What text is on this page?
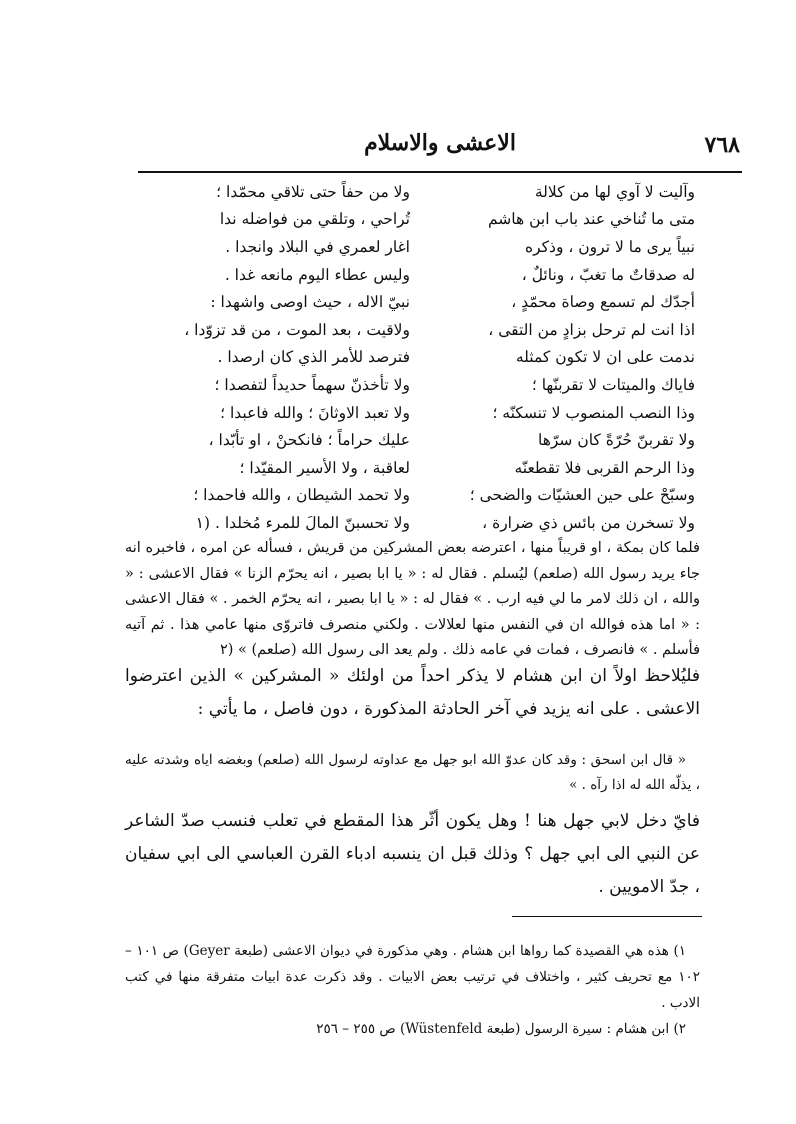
٧٦٨
الاعشى والاسلام
وآليت لا آوي لها من كلالة
ولا من حفاً حتى تلاقي محمّدا ؛
متى ما تُناخي عند باب ابن هاشم
تُراحي ، وتلقي من فواضله ندا
نبياً يرى ما لا ترون ، وذكره
اغار لعمري في البلاد وانجدا .
له صدقاتٌ ما تغبّ ، ونائلٌ ،
وليس عطاء اليوم مانعه غدا .
أجدّك لم تسمع وصاة محمّدٍ ،
نبيّ الاله ، حيث اوصى واشهدا :
اذا انت لم ترحل بزادٍ من التقى ،
ولاقيت ، بعد الموت ، من قد تزوّدا ،
ندمت على ان لا تكون كمثله
فترصد للأمر الذي كان ارصدا .
فاياك والميتات لا تقربنّها ؛
ولا تأخذنّ سهماً حديداً لتفصدا ؛
وذا النصب المنصوب لا تنسكنّه ؛
ولا تعبد الاوثانَ ؛ والله فاعبدا ؛
ولا تقربنّ حُرّةً كان سرّها
عليك حراماً ؛ فانكحنْ ، او تأبّدا ،
وذا الرحم القربى فلا تقطعنّه
لعاقبة ، ولا الأسير المقيّدا ؛
وسبّحْ على حين العشيّات والضحى ؛
ولا تحمد الشيطان ، والله فاحمدا ؛
ولا تسخرن من بائس ذي ضرارة ،
ولا تحسبنّ المالَ للمرء مُخلدا . (١
فلما كان بمكة ، او قريباً منها ، اعترضه بعض المشركين من قريش ، فسأله عن امره ، فاخبره انه جاء يريد رسول الله (صلعم) ليُسلم . فقال له : « يا ابا بصير ، انه يحرّم الزنا » فقال الاعشى : « والله ، ان ذلك لامر ما لي فيه ارب . » فقال له : « يا ابا بصير ، انه يحرّم الخمر . » فقال الاعشى : « اما هذه فوالله ان في النفس منها لعلالات . ولكني منصرف فاتروّى منها عامي هذا . ثم آتيه فأسلم . » فانصرف ، فمات في عامه ذلك . ولم يعد الى رسول الله (صلعم) » (٢
فليُلاحظ اولاً ان ابن هشام لا يذكر احداً من اولئك « المشركين » الذين اعترضوا الاعشى . على انه يزيد في آخر الحادثة المذكورة ، دون فاصل ، ما يأتي :
« قال ابن اسحق : وقد كان عدوّ الله ابو جهل مع عداوته لرسول الله (صلعم) وبغضه اياه وشدته عليه ، يذلّه الله له اذا رآه . »
فايّ دخل لابي جهل هنا ! وهل يكون أثّر هذا المقطع في تعلب فنسب صدّ الشاعر عن النبي الى ابي جهل ؟ وذلك قبل ان ينسبه ادباء القرن العباسي الى ابي سفيان ، جدّ الامويين .

١) هذه هي القصيدة كما رواها ابن هشام . وهي مذكورة في ديوان الاعشى (طبعة Geyer) ص ١٠١ – ١٠٢ مع تحريف كثير ، واختلاف في ترتيب بعض الابيات . وقد ذكرت عدة ابيات متفرقة منها في كتب الادب .

٢) ابن هشام : سيرة الرسول (طبعة Wüstenfeld) ص ٢٥٥ – ٢٥٦
